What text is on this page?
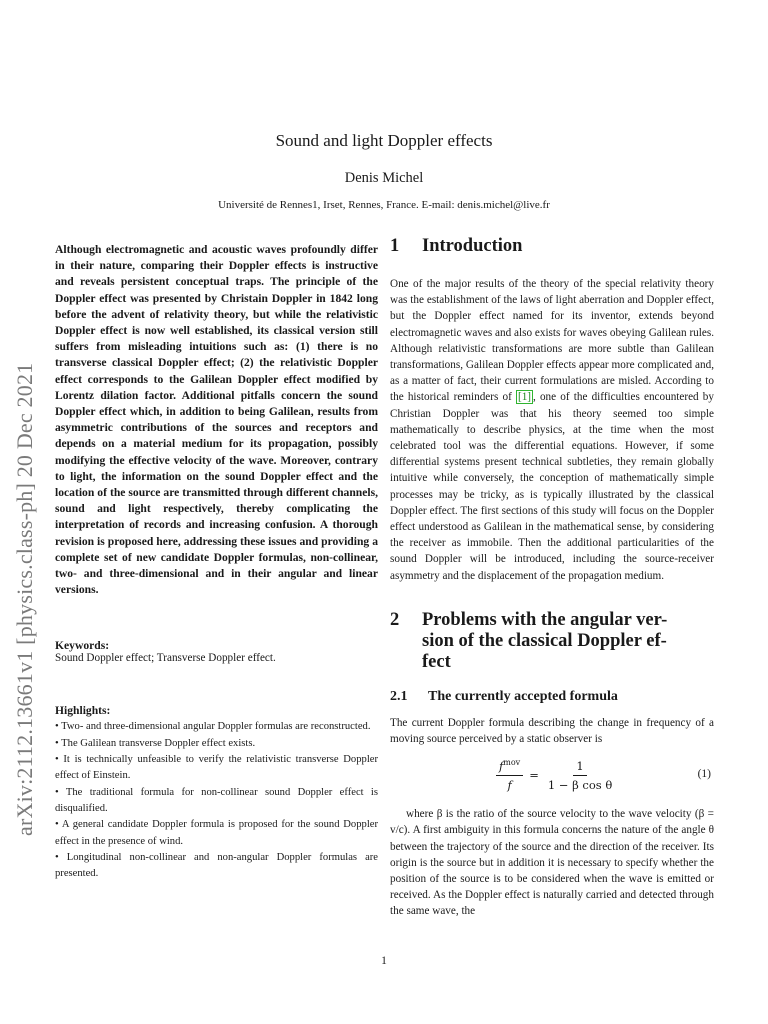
arXiv:2112.13661v1 [physics.class-ph] 20 Dec 2021
Sound and light Doppler effects
Denis Michel
Université de Rennes1, Irset, Rennes, France. E-mail: denis.michel@live.fr

Although electromagnetic and acoustic waves profoundly differ in their nature, comparing their Doppler effects is instructive and reveals persistent conceptual traps. The principle of the Doppler effect was presented by Christain Doppler in 1842 long before the advent of relativity theory, but while the relativistic Doppler effect is now well established, its classical version still suffers from misleading intuitions such as: (1) there is no transverse classical Doppler effect; (2) the relativistic Doppler effect corresponds to the Galilean Doppler effect modified by Lorentz dilation factor. Additional pitfalls concern the sound Doppler effect which, in addition to being Galilean, results from asymmetric contributions of the sources and receptors and depends on a material medium for its propagation, possibly modifying the effective velocity of the wave. Moreover, contrary to light, the information on the sound Doppler effect and the location of the source are transmitted through different channels, sound and light respectively, thereby complicating the interpretation of records and increasing confusion. A thorough revision is proposed here, addressing these issues and providing a complete set of new candidate Doppler formulas, non-collinear, two- and three-dimensional and in their angular and linear versions.

Keywords:

Sound Doppler effect; Transverse Doppler effect.

Highlights:

• Two- and three-dimensional angular Doppler formulas are reconstructed.
• The Galilean transverse Doppler effect exists.
• It is technically unfeasible to verify the relativistic transverse Doppler effect of Einstein.
• The traditional formula for non-collinear sound Doppler effect is disqualified.
• A general candidate Doppler formula is proposed for the sound Doppler effect in the presence of wind.
• Longitudinal non-collinear and non-angular Doppler formulas are presented.
1 Introduction

One of the major results of the theory of the special relativity theory was the establishment of the laws of light aberration and Doppler effect, but the Doppler effect named for its inventor, extends beyond electromagnetic waves and also exists for waves obeying Galilean rules. Although relativistic transformations are more subtle than Galilean transformations, Galilean Doppler effects appear more complicated and, as a matter of fact, their current formulations are misled. According to the historical reminders of [1] , one of the difficulties encountered by Christian Doppler was that his theory seemed too simple mathematically to describe physics, at the time when the most celebrated tool was the differential equations. However, if some differential systems present technical subtleties, they remain globally intuitive while conversely, the conception of mathematically simple processes may be tricky, as is typically illustrated by the classical Doppler effect. The first sections of this study will focus on the Doppler effect understood as Galilean in the mathematical sense, by considering the receiver as immobile. Then the additional particularities of the sound Doppler will be introduced, including the source-receiver asymmetry and the displacement of the propagation medium.

2 Problems with the angular ver-
sion of the classical Doppler ef-
fect
2.1 The currently accepted formula

The current Doppler formula describing the change in frequency of a moving source perceived by a static observer is

$\frac{f^{mov}}{f} = \frac{1}{\text{1 − β cos θ}}$	(1)

where β is the ratio of the source velocity to the wave velocity (β = v/c). A first ambiguity in this formula concerns the nature of the angle θ between the trajectory of the source and the direction of the receiver. Its origin is the source but in addition it is necessary to specify whether the position of the source is to be considered when the wave is emitted or received. As the Doppler effect is naturally carried and detected through the same wave, the

1
